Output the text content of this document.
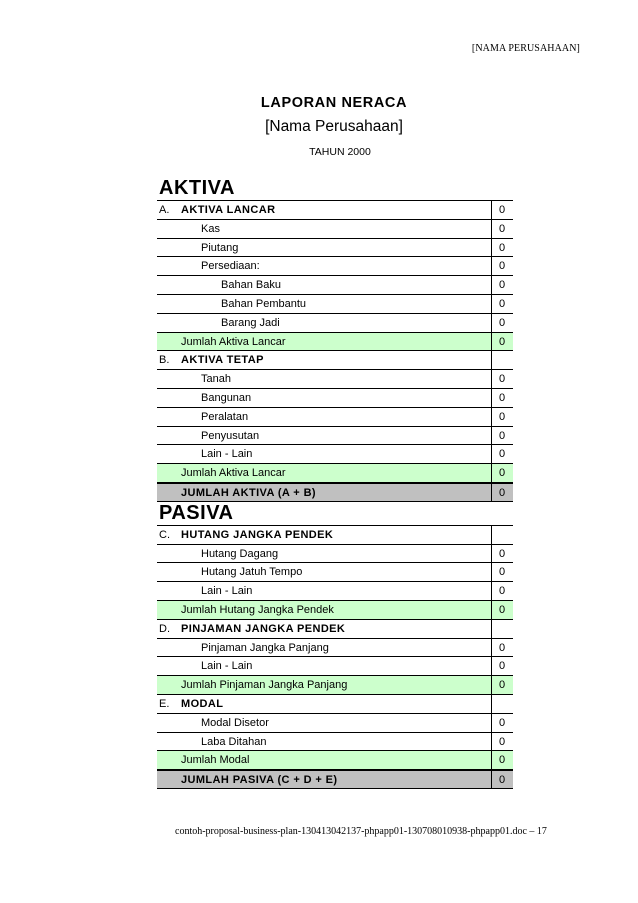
[NAMA PERUSAHAAN]
LAPORAN NERACA
[Nama Perusahaan]
TAHUN 2000
AKTIVA
A. AKTIVA LANCAR	0
Kas	0
Piutang	0
Persediaan:	0
Bahan Baku	0
Bahan Pembantu	0
Barang Jadi	0
Jumlah Aktiva Lancar	0
B. AKTIVA TETAP
Tanah	0
Bangunan	0
Peralatan	0
Penyusutan	0
Lain - Lain	0
Jumlah Aktiva Lancar	0
JUMLAH AKTIVA (A + B)	0
PASIVA
C. HUTANG JANGKA PENDEK
Hutang Dagang	0
Hutang Jatuh Tempo	0
Lain - Lain	0
Jumlah Hutang Jangka Pendek	0
D. PINJAMAN JANGKA PENDEK
Pinjaman Jangka Panjang	0
Lain - Lain	0
Jumlah Pinjaman Jangka Panjang	0
E. MODAL
Modal Disetor	0
Laba Ditahan	0
Jumlah Modal	0
JUMLAH PASIVA (C + D + E)	0
contoh-proposal-business-plan-130413042137-phpapp01-130708010938-phpapp01.doc – 17
